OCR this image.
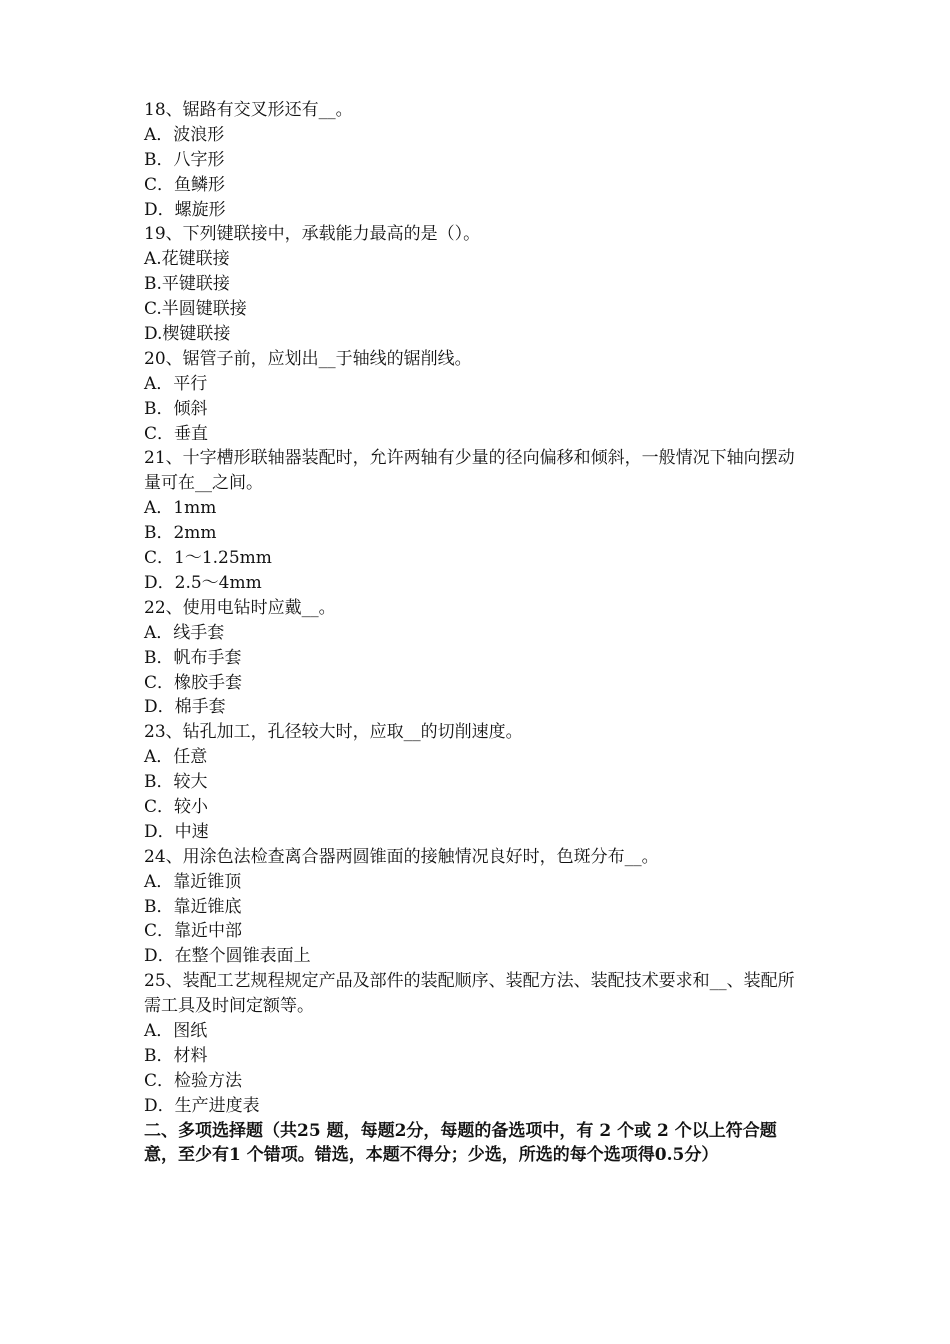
18、锯路有交叉形还有__。
A．波浪形
B．八字形
C．鱼鳞形
D．螺旋形
19、下列键联接中，承载能力最高的是（）。
A.花键联接
B.平键联接
C.半圆键联接
D.楔键联接
20、锯管子前，应划出__于轴线的锯削线。
A．平行
B．倾斜
C．垂直
21、十字槽形联轴器装配时，允许两轴有少量的径向偏移和倾斜，一般情况下轴向摆动量可在__之间。
A．1mm
B．2mm
C．1～1.25mm
D．2.5～4mm
22、使用电钻时应戴__。
A．线手套
B．帆布手套
C．橡胶手套
D．棉手套
23、钻孔加工，孔径较大时，应取__的切削速度。
A．任意
B．较大
C．较小
D．中速
24、用涂色法检查离合器两圆锥面的接触情况良好时，色斑分布__。
A．靠近锥顶
B．靠近锥底
C．靠近中部
D．在整个圆锥表面上
25、装配工艺规程规定产品及部件的装配顺序、装配方法、装配技术要求和__、装配所需工具及时间定额等。
A．图纸
B．材料
C．检验方法
D．生产进度表
二、多项选择题（共25 题，每题2分，每题的备选项中，有 2 个或 2 个以上符合题意，至少有1 个错项。错选，本题不得分；少选，所选的每个选项得0.5分）
